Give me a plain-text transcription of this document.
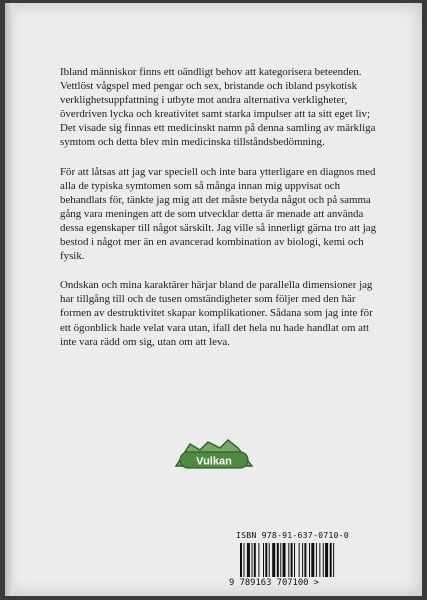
Ibland människor finns ett oändligt behov att kategorisera beteenden. Vettlöst vågspel med pengar och sex, bristande och ibland psykotisk verklighetsuppfattning i utbyte mot andra alternativa verkligheter, överdriven lycka och kreativitet samt starka impulser att ta sitt eget liv; Det visade sig finnas ett medicinskt namn på denna samling av märkliga symtom och detta blev min medicinska tillståndsbedömning.

För att låtsas att jag var speciell och inte bara ytterligare en diagnos med alla de typiska symtomen som så många innan mig uppvisat och behandlats för, tänkte jag mig att det måste betyda något och på samma gång vara meningen att de som utvecklar detta är menade att använda dessa egenskaper till något särskilt. Jag ville så innerligt gärna tro att jag bestod i något mer än en avancerad kombination av biologi, kemi och fysik.

Ondskan och mina karaktärer härjar bland de parallella dimensioner jag har tillgång till och de tusen omständigheter som följer med den här formen av destruktivitet skapar komplikationer. Sådana som jag inte för ett ögonblick hade velat vara utan, ifall det hela nu hade handlat om att inte vara rädd om sig, utan om att leva.

Vulkan
ISBN 978-91-637-0710-0
9 789163 707100 >
